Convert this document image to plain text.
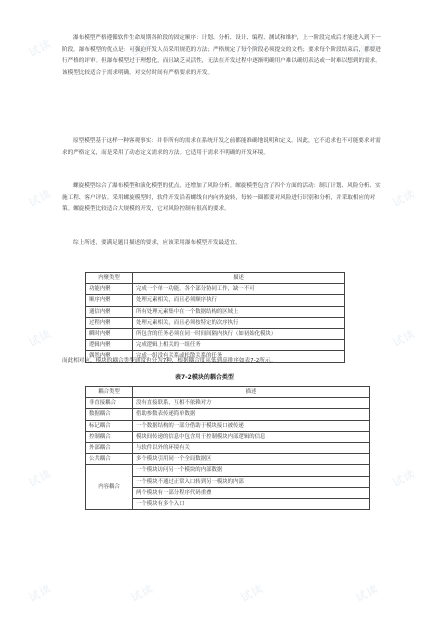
试读	试读	试读	试读
试读	试读
试读	试读
试读	试读
试读	试读	试读	试读

瀑布模型严格遵循软件生命周期各阶段的固定顺序：计划、分析、设计、编程、测试和维护，上一阶段完成后才能进入到下一阶段。瀑布模型的优点是：可强迫开发人员采用规范的方法；严格规定了每个阶段必须提交的文档；要求每个阶段结束后，都要进行严格的评审。但瀑布模型过于理想化，而且缺乏灵活性，无法在开发过程中逐渐明确用户难以确切表达或一时难以想到的需求。该模型比较适合于需求明确，对交付时间有严格要求的开发。

原型模型基于这样一种客观事实：并非所有的需求在系统开发之前都能准确地说明和定义。因此，它不追求也不可能要求对需求的严格定义，而是采用了动态定义需求的方法。它适用于需求不明确的开发环境。

螺旋模型综合了瀑布模型和演化模型的优点，还增加了风险分析。螺旋模型包含了四个方面的活动：制订计划、风险分析、实施工程、客户评估。采用螺旋模型时，软件开发沿着螺线自内向外旋转，每转一圈都要对风险进行识别和分析，并采取相应的对策。螺旋模型比较适合大规模的开发，它对风险控制有很高的要求。

综上所述，要满足题目描述的要求，应该采用瀑布模型开发最适宜。

内聚类型	描述
功能内聚	完成一个单一功能，各个部分协同工作，缺一不可
顺序内聚	处理元素相关，而且必须顺序执行
通信内聚	所有处理元素集中在一个数据结构的区域上
过程内聚	处理元素相关，而且必须按特定的次序执行
瞬时内聚	所包含的任务必须在同一时间间隔内执行（如初始化模块）
逻辑内聚	完成逻辑上相关的一组任务
偶然内聚	完成一组没有关系或松散关系的任务
而此相对应，模块的耦合类型通常也分为7种，根据耦合度从低到高排序如表7-2所示。
表7-2模块的耦合类型
耦合类型	描述
非直接耦合	没有直接联系，互相不依赖对方
数据耦合	借助参数表传递简单数据
标记耦合	一个数据结构的一部分借助于模块接口被传递
控制耦合	模块间传递的信息中包含用于控制模块内部逻辑的信息
外部耦合	与软件以外的环境有关
公共耦合	多个模块引用同一个全局数据区
内容耦合	一个模块访问另一个模块的内部数据
	一个模块不通过正常入口转到另一模块的内部
	两个模块有一部分程序代码重叠
	一个模块有多个入口
